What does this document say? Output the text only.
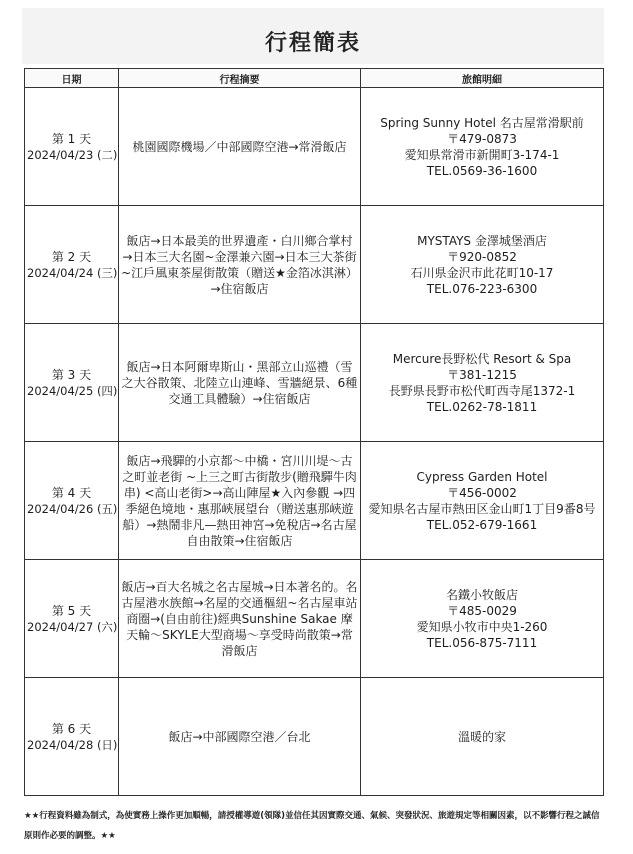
行程簡表
日期	行程摘要	旅館明細

第 1 天
2024/04/23 (二)	桃園國際機場／中部國際空港→常滑飯店	Spring Sunny Hotel 名古屋常滑駅前
〒479-0873
愛知県常滑市新開町3-174-1
TEL.0569-36-1600

第 2 天
2024/04/24 (三)	飯店→日本最美的世界遺產・白川鄉合掌村 →日本三大名園~金澤兼六園→日本三大茶街~江戶風東茶屋街散策（贈送★金箔冰淇淋）→住宿飯店	MYSTAYS 金澤城堡酒店
〒920-0852
石川県金沢市此花町10-17
TEL.076-223-6300

第 3 天
2024/04/25 (四)	飯店→日本阿爾卑斯山・黑部立山巡禮（雪之大谷散策、北陸立山連峰、雪牆絕景、6種交通工具體驗）→住宿飯店	Mercure長野松代 Resort & Spa
〒381-1215
長野県長野市松代町西寺尾1372-1
TEL.0262-78-1811

第 4 天
2024/04/26 (五)	飯店→飛驒的小京都～中橋・宮川川堤～古之町並老街 ~上三之町古街散步(贈飛驒牛肉串) <高山老街>→高山陣屋★入內參觀 →四季絕色境地・惠那峽展望台（贈送惠那峽遊船）→熱鬧非凡—熱田神宮→免稅店→名古屋自由散策→住宿飯店	Cypress Garden Hotel
〒456-0002
愛知県名古屋市熱田区金山町1丁目9番8号
TEL.052-679-1661

第 5 天
2024/04/27 (六)	飯店→百大名城之名古屋城→日本著名的。名古屋港水族館→名屋的交通樞紐~名古屋車站商圈→(自由前往)經典Sunshine Sakae 摩天輪～SKYLE大型商場～享受時尚散策→常滑飯店	名鐵小牧飯店
〒485-0029
愛知県小牧市中央1-260
TEL.056-875-7111

第 6 天
2024/04/28 (日)	飯店→中部國際空港／台北	溫暖的家
★★行程資料雖為制式，為使實務上操作更加順暢，請授權導遊(領隊)並信任其因實際交通、氣候、突發狀況、旅遊規定等相關因素，以不影響行程之誠信原則作必要的調整。★★
